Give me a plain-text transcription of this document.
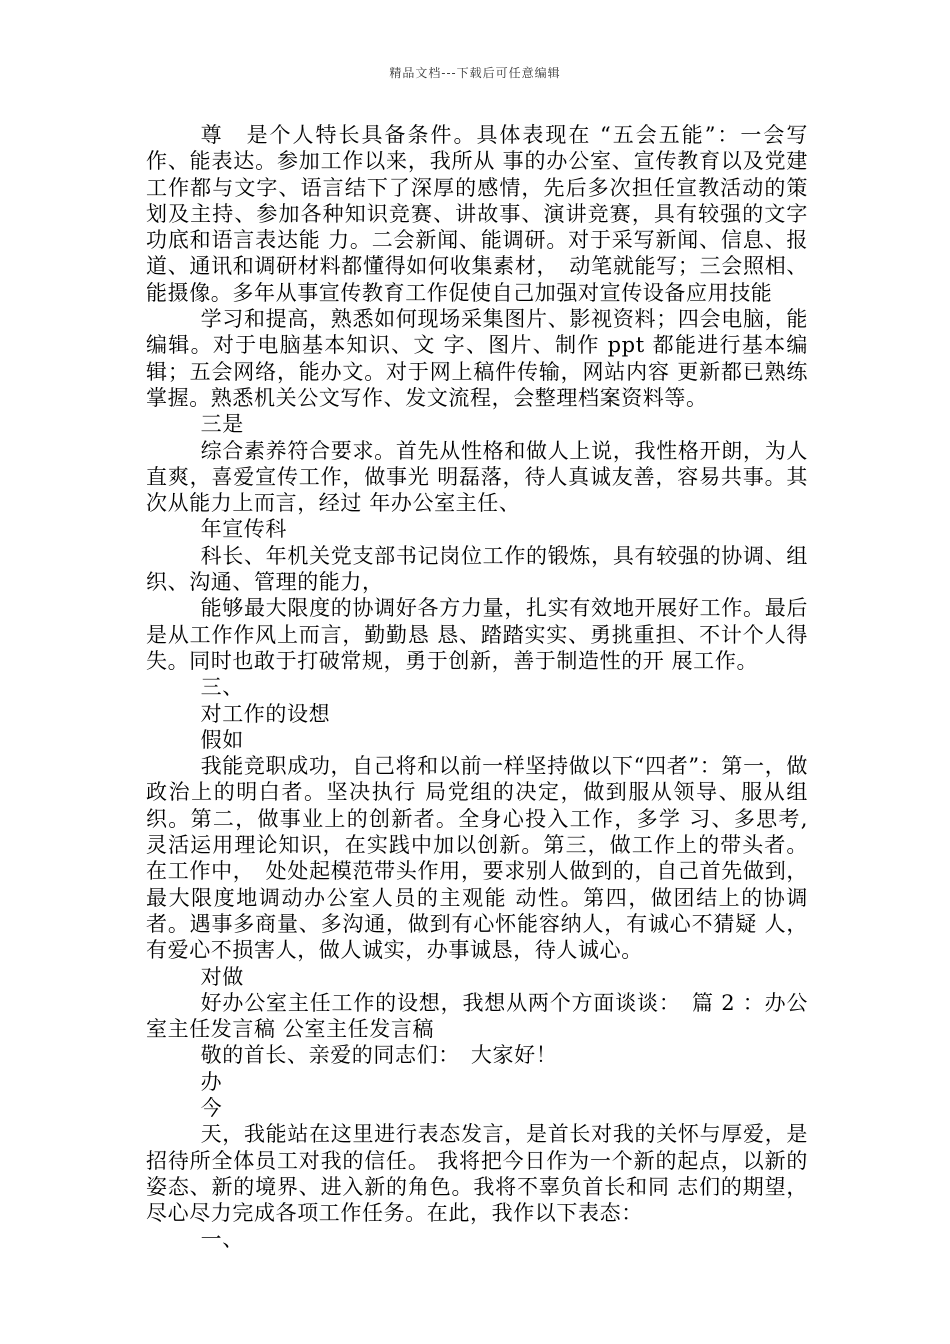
精品文档---下载后可任意编辑

尊　是个人特长具备条件。具体表现在 “五会五能”：一会写作、能表达。参加工作以来，我所从 事的办公室、宣传教育以及党建工作都与文字、语言结下了深厚的感情，先后多次担任宣教活动的策划及主持、参加各种知识竞赛、讲故事、演讲竞赛，具有较强的文字功底和语言表达能 力。二会新闻、能调研。对于采写新闻、信息、报道、通讯和调研材料都懂得如何收集素材，　动笔就能写；三会照相、能摄像。多年从事宣传教育工作促使自己加强对宣传设备应用技能

学习和提高，熟悉如何现场采集图片、影视资料；四会电脑，能编辑。对于电脑基本知识、文 字、图片、制作 ppt 都能进行基本编辑；五会网络，能办文。对于网上稿件传输，网站内容 更新都已熟练掌握。熟悉机关公文写作、发文流程，会整理档案资料等。

三是

综合素养符合要求。首先从性格和做人上说，我性格开朗，为人直爽，喜爱宣传工作，做事光 明磊落，待人真诚友善，容易共事。其次从能力上而言，经过 年办公室主任、

年宣传科

科长、年机关党支部书记岗位工作的锻炼，具有较强的协调、组织、沟通、管理的能力，

能够最大限度的协调好各方力量，扎实有效地开展好工作。最后是从工作作风上而言，勤勤恳 恳、踏踏实实、勇挑重担、不计个人得失。同时也敢于打破常规，勇于创新，善于制造性的开 展工作。

三、

对工作的设想

假如

我能竞职成功，自己将和以前一样坚持做以下“四者”：第一，做政治上的明白者。坚决执行 局党组的决定，做到服从领导、服从组织。第二，做事业上的创新者。全身心投入工作，多学 习、多思考,灵活运用理论知识，在实践中加以创新。第三，做工作上的带头者。在工作中，　处处起模范带头作用，要求别人做到的，自己首先做到，最大限度地调动办公室人员的主观能 动性。第四，做团结上的协调者。遇事多商量、多沟通，做到有心怀能容纳人，有诚心不猜疑 人，有爱心不损害人，做人诚实，办事诚恳，待人诚心。

对做

好办公室主任工作的设想，我想从两个方面谈谈：　篇 2 ：办公室主任发言稿 公室主任发言稿

敬的首长、亲爱的同志们：　大家好！

办

今

天，我能站在这里进行表态发言，是首长对我的关怀与厚爱，是招待所全体员工对我的信任。 我将把今日作为一个新的起点，以新的姿态、新的境界、进入新的角色。我将不辜负首长和同 志们的期望，尽心尽力完成各项工作任务。在此，我作以下表态：

一、
